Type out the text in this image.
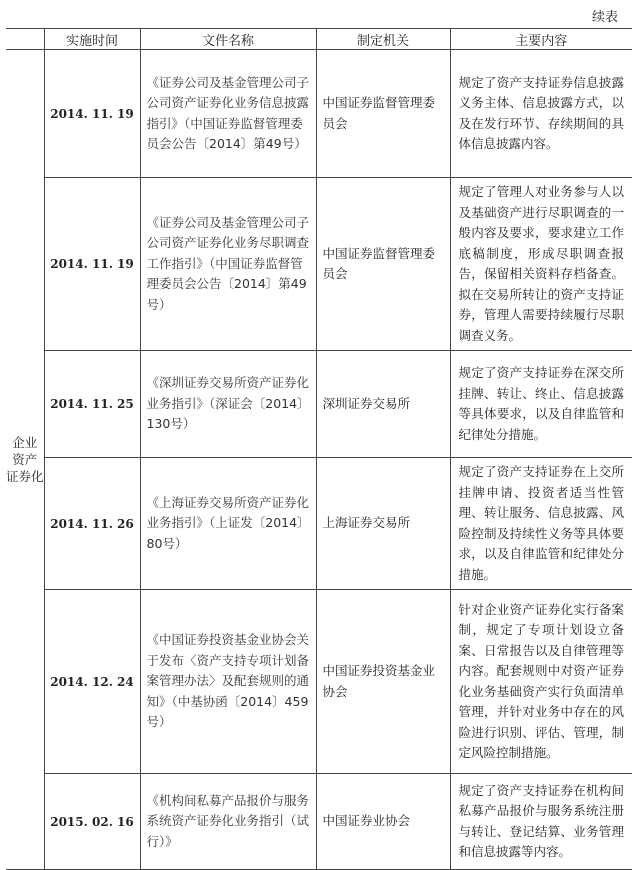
续表
	实施时间	文件名称	制定机关	主要内容

企业
资产
证券化	2014. 11. 19	《证券公司及基金管理公司子公司资产证券化业务信息披露指引》（中国证券监督管理委员会公告〔2014〕第49号）	中国证券监督管理委员会	规定了资产支持证券信息披露义务主体、信息披露方式，以及在发行环节、存续期间的具体信息披露内容。
	2014. 11. 19	《证券公司及基金管理公司子公司资产证券化业务尽职调查工作指引》（中国证券监督管理委员会公告〔2014〕第49号）	中国证券监督管理委员会	规定了管理人对业务参与人以及基础资产进行尽职调查的一般内容及要求，要求建立工作底稿制度，形成尽职调查报告，保留相关资料存档备查。拟在交易所转让的资产支持证券，管理人需要持续履行尽职调查义务。
	2014. 11. 25	《深圳证券交易所资产证券化业务指引》（深证会〔2014〕130号）	深圳证券交易所	规定了资产支持证券在深交所挂牌、转让、终止、信息披露等具体要求，以及自律监管和纪律处分措施。
	2014. 11. 26	《上海证券交易所资产证券化业务指引》（上证发〔2014〕80号）	上海证券交易所	规定了资产支持证券在上交所挂牌申请、投资者适当性管理、转让服务、信息披露、风险控制及持续性义务等具体要求，以及自律监管和纪律处分措施。
	2014. 12. 24	《中国证券投资基金业协会关于发布〈资产支持专项计划备案管理办法〉及配套规则的通知》（中基协函〔2014〕459号）	中国证券投资基金业协会	针对企业资产证券化实行备案制，规定了专项计划设立备案、日常报告以及自律管理等内容。配套规则中对资产证券化业务基础资产实行负面清单管理，并针对业务中存在的风险进行识别、评估、管理，制定风险控制措施。
	2015. 02. 16	《机构间私募产品报价与服务系统资产证券化业务指引（试行）》	中国证券业协会	规定了资产支持证券在机构间私募产品报价与服务系统注册与转让、登记结算、业务管理和信息披露等内容。
